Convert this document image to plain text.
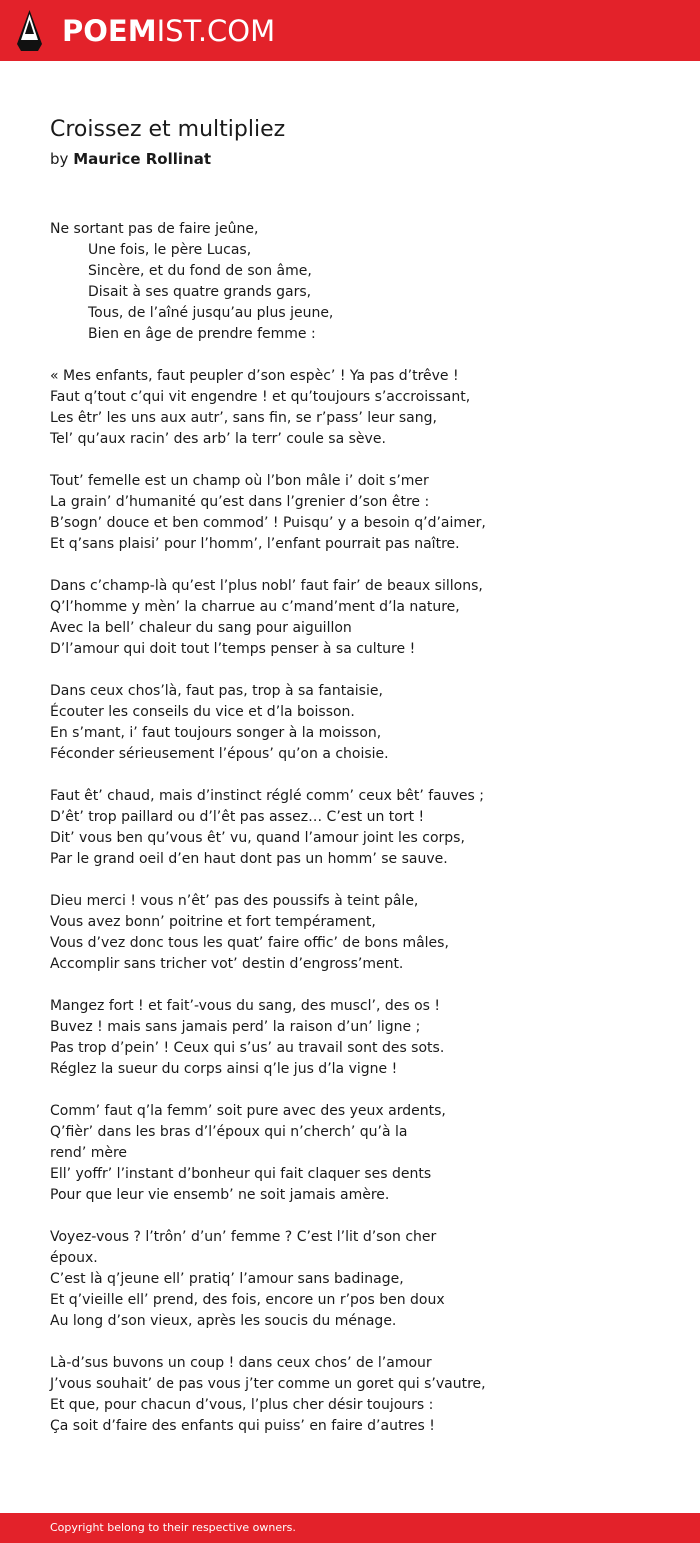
POEMIST.COM
Croissez et multipliez
by Maurice Rollinat
Ne sortant pas de faire jeûne,
Une fois, le père Lucas,
Sincère, et du fond de son âme,
Disait à ses quatre grands gars,
Tous, de l’aîné jusqu’au plus jeune,
Bien en âge de prendre femme :
« Mes enfants, faut peupler d’son espèc’ ! Ya pas d’trêve !
Faut q’tout c’qui vit engendre ! et qu’toujours s’accroissant,
Les êtr’ les uns aux autr’, sans fin, se r’pass’ leur sang,
Tel’ qu’aux racin’ des arb’ la terr’ coule sa sève.
Tout’ femelle est un champ où l’bon mâle i’ doit s’mer
La grain’ d’humanité qu’est dans l’grenier d’son être :
B’sogn’ douce et ben commod’ ! Puisqu’ y a besoin q’d’aimer,
Et q’sans plaisi’ pour l’homm’, l’enfant pourrait pas naître.
Dans c’champ-là qu’est l’plus nobl’ faut fair’ de beaux sillons,
Q’l’homme y mèn’ la charrue au c’mand’ment d’la nature,
Avec la bell’ chaleur du sang pour aiguillon
D’l’amour qui doit tout l’temps penser à sa culture !
Dans ceux chos’là, faut pas, trop à sa fantaisie,
Écouter les conseils du vice et d’la boisson.
En s’mant, i’ faut toujours songer à la moisson,
Féconder sérieusement l’épous’ qu’on a choisie.
Faut êt’ chaud, mais d’instinct réglé comm’ ceux bêt’ fauves ;
D’êt’ trop paillard ou d’l’êt pas assez… C’est un tort !
Dit’ vous ben qu’vous êt’ vu, quand l’amour joint les corps,
Par le grand oeil d’en haut dont pas un homm’ se sauve.
Dieu merci ! vous n’êt’ pas des poussifs à teint pâle,
Vous avez bonn’ poitrine et fort tempérament,
Vous d’vez donc tous les quat’ faire offic’ de bons mâles,
Accomplir sans tricher vot’ destin d’engross’ment.
Mangez fort ! et fait’-vous du sang, des muscl’, des os !
Buvez ! mais sans jamais perd’ la raison d’un’ ligne ;
Pas trop d’pein’ ! Ceux qui s’us’ au travail sont des sots.
Réglez la sueur du corps ainsi q’le jus d’la vigne !
Comm’ faut q’la femm’ soit pure avec des yeux ardents,
Q’fièr’ dans les bras d’l’époux qui n’cherch’ qu’à la
rend’ mère
Ell’ yoffr’ l’instant d’bonheur qui fait claquer ses dents
Pour que leur vie ensemb’ ne soit jamais amère.
Voyez-vous ? l’trôn’ d’un’ femme ? C’est l’lit d’son cher
époux.
C’est là q’jeune ell’ pratiq’ l’amour sans badinage,
Et q’vieille ell’ prend, des fois, encore un r’pos ben doux
Au long d’son vieux, après les soucis du ménage.
Là-d’sus buvons un coup ! dans ceux chos’ de l’amour
J’vous souhait’ de pas vous j’ter comme un goret qui s’vautre,
Et que, pour chacun d’vous, l’plus cher désir toujours :
Ça soit d’faire des enfants qui puiss’ en faire d’autres !
Copyright belong to their respective owners.
